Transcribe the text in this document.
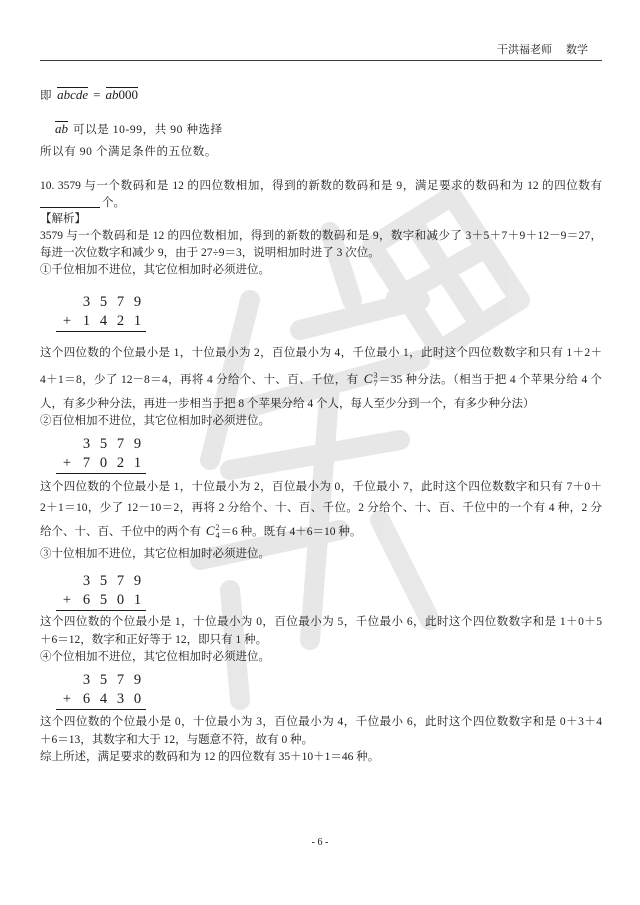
干洪福老师 数学
即 abcde = ab000
ab 可以是 10-99，共 90 种选择
所以有 90 个满足条件的五位数。
10. 3579 与一个数码和是 12 的四位数相加，得到的新数的数码和是 9，满足要求的数码和为 12 的四位数有
个。
【解析】
3579 与一个数码和是 12 的四位数相加，得到的新数的数码和是 9，数字和减少了 3＋5＋7＋9＋12－9＝27，
每进一次位数字和减少 9，由于 27÷9＝3，说明相加时进了 3 次位。
①千位相加不进位，其它位相加时必须进位。
3 5 7 9
+ 1 4 2 1
这个四位数的个位最小是 1，十位最小为 2，百位最小为 4，千位最小 1，此时这个四位数数字和只有 1＋2＋
4＋1＝8，少了 12－8＝4，再将 4 分给个、十、百、千位，有 C 3
7 ＝35 种分法。（相当于把 4 个苹果分给 4 个
人，有多少种分法，再进一步相当于把 8 个苹果分给 4 个人，每人至少分到一个，有多少种分法）
②百位相加不进位，其它位相加时必须进位。
3 5 7 9
+ 7 0 2 1
这个四位数的个位最小是 1，十位最小为 2，百位最小为 0，千位最小 7，此时这个四位数数字和只有 7＋0＋
2＋1＝10，少了 12－10＝2，再将 2 分给个、十、百、千位。2 分给个、十、百、千位中的一个有 4 种，2 分
给个、十、百、千位中的两个有 C 2
4 ＝6 种。既有 4＋6＝10 种。
③十位相加不进位，其它位相加时必须进位。
3 5 7 9
+ 6 5 0 1
这个四位数的个位最小是 1，十位最小为 0，百位最小为 5，千位最小 6，此时这个四位数数字和是 1＋0＋5
＋6＝12，数字和正好等于 12，即只有 1 种。
④个位相加不进位，其它位相加时必须进位。
3 5 7 9
+ 6 4 3 0
这个四位数的个位最小是 0，十位最小为 3，百位最小为 4，千位最小 6，此时这个四位数数字和是 0＋3＋4
＋6＝13，其数字和大于 12，与题意不符，故有 0 种。
综上所述，满足要求的数码和为 12 的四位数有 35＋10＋1＝46 种。
- 6 -
